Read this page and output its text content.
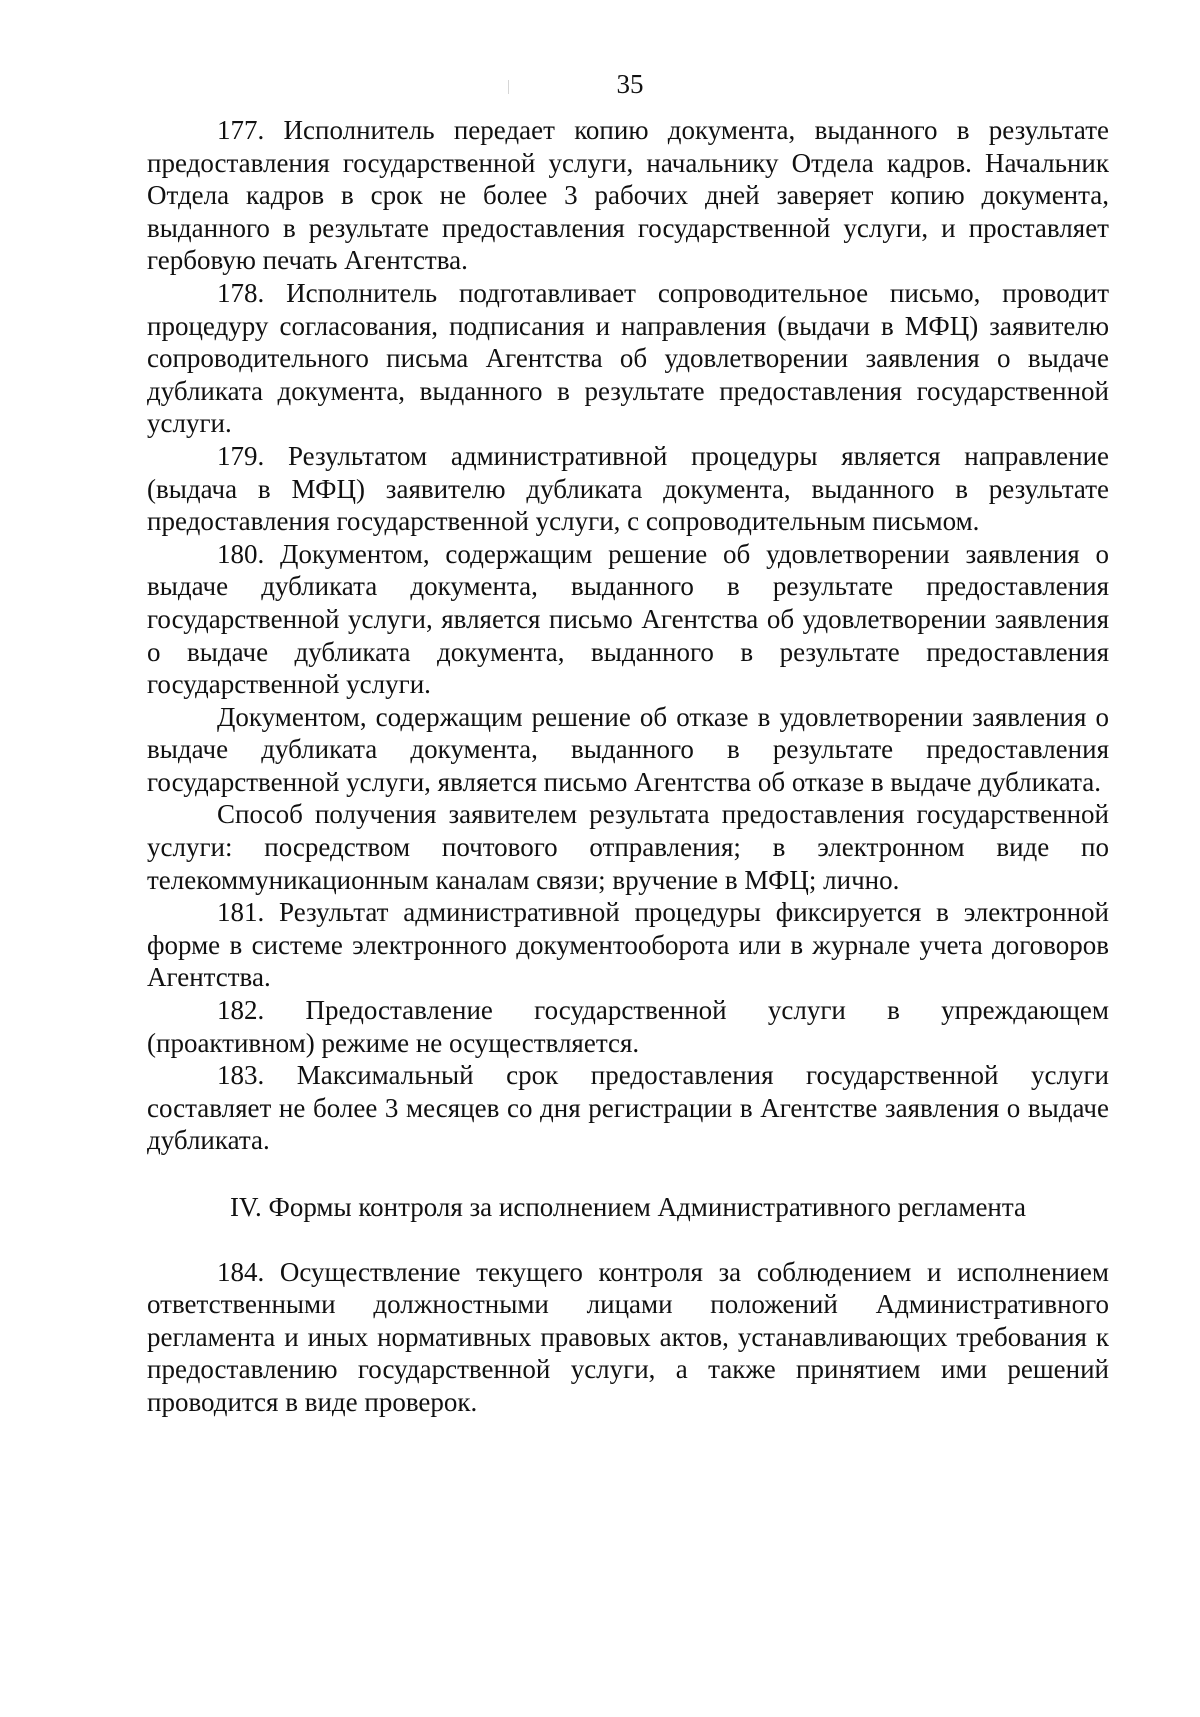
35

177. Исполнитель передает копию документа, выданного в результате предоставления государственной услуги, начальнику Отдела кадров. Начальник Отдела кадров в срок не более 3 рабочих дней заверяет копию документа, выданного в результате предоставления государственной услуги, и проставляет гербовую печать Агентства.

178. Исполнитель подготавливает сопроводительное письмо, проводит процедуру согласования, подписания и направления (выдачи в МФЦ) заявителю сопроводительного письма Агентства об удовлетворении заявления о выдаче дубликата документа, выданного в результате предоставления государственной услуги.

179. Результатом административной процедуры является направление (выдача в МФЦ) заявителю дубликата документа, выданного в результате предоставления государственной услуги, с сопроводительным письмом.

180. Документом, содержащим решение об удовлетворении заявления о выдаче дубликата документа, выданного в результате предоставления государственной услуги, является письмо Агентства об удовлетворении заявления о выдаче дубликата документа, выданного в результате предоставления государственной услуги.

Документом, содержащим решение об отказе в удовлетворении заявления о выдаче дубликата документа, выданного в результате предоставления государственной услуги, является письмо Агентства об отказе в выдаче дубликата.

Способ получения заявителем результата предоставления государственной услуги: посредством почтового отправления; в электронном виде по телекоммуникационным каналам связи; вручение в МФЦ; лично.

181. Результат административной процедуры фиксируется в электронной форме в системе электронного документооборота или в журнале учета договоров Агентства.

182. Предоставление государственной услуги в упреждающем (проактивном) режиме не осуществляется.

183. Максимальный срок предоставления государственной услуги составляет не более 3 месяцев со дня регистрации в Агентстве заявления о выдаче дубликата.

IV. Формы контроля за исполнением Административного регламента

184. Осуществление текущего контроля за соблюдением и исполнением ответственными должностными лицами положений Административного регламента и иных нормативных правовых актов, устанавливающих требования к предоставлению государственной услуги, а также принятием ими решений проводится в виде проверок.
